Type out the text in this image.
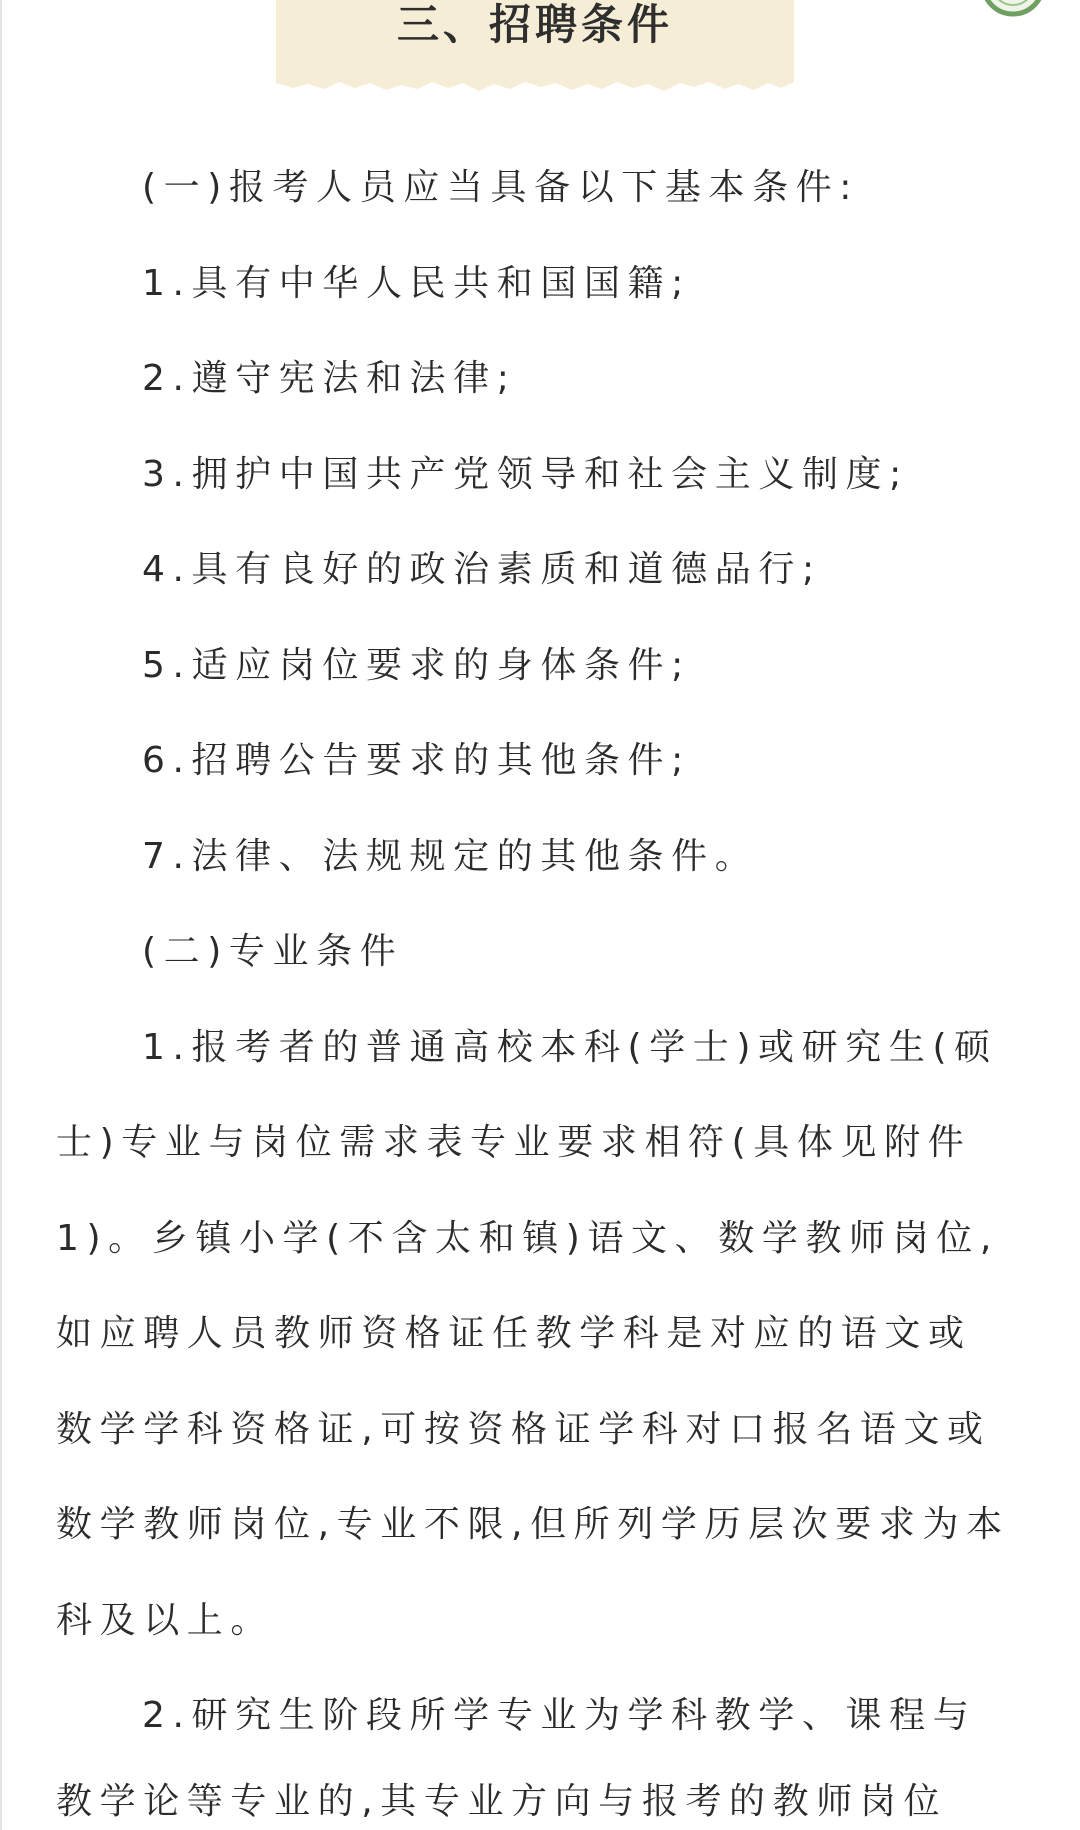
三、招聘条件
(一)报考人员应当具备以下基本条件:
1.具有中华人民共和国国籍;
2.遵守宪法和法律;
3.拥护中国共产党领导和社会主义制度;
4.具有良好的政治素质和道德品行;
5.适应岗位要求的身体条件;
6.招聘公告要求的其他条件;
7.法律、法规规定的其他条件。
(二)专业条件
1.报考者的普通高校本科(学士)或研究生(硕士)专业与岗位需求表专业要求相符(具体见附件1)。乡镇小学(不含太和镇)语文、数学教师岗位,如应聘人员教师资格证任教学科是对应的语文或数学学科资格证,可按资格证学科对口报名语文或数学教师岗位,专业不限,但所列学历层次要求为本科及以上。
2.研究生阶段所学专业为学科教学、课程与
教学论等专业的,其专业方向与报考的教师岗位
